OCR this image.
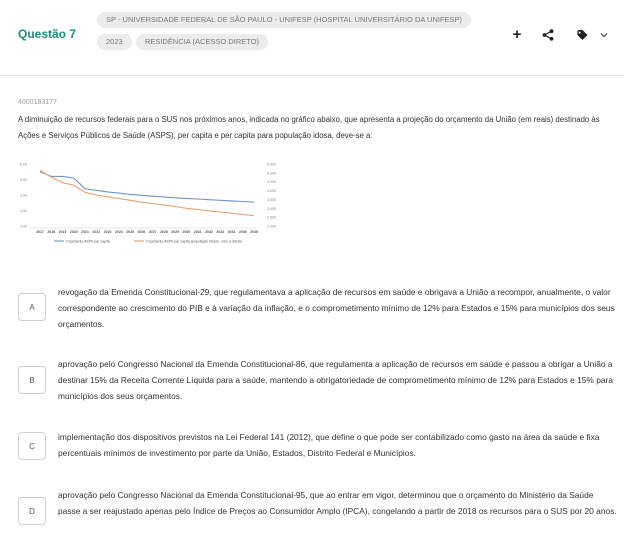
Questão 7
SP - UNIVERSIDADE FEDERAL DE SÃO PAULO - UNIFESP (HOSPITAL UNIVERSITÁRIO DA UNIFESP)
2023	RESIDÊNCIA (ACESSO DIRETO)	+
4000183177
A diminuição de recursos federais para o SUS nos próximos anos, indicada no gráfico abaixo, que apresenta a projeção do orçamento da União (em reais) destinado às Ações e Serviços Públicos de Saúde (ASPS), per capita e per capita para população idosa, deve-se a:
6,00
5,50
5,00
4,50
4,00
5.500
5.000
4.500
4.000
3.500
3.000
2.500
2.000
2017 2018 2019 2020 2021 2022 2023 2024 2025 2026 2027 2028 2029 2030 2031 2032 2033 2034 2035 2036
Orçamento ASPS per capita	Orçamento ASPS per capita (população idosa) - eixo à direita
A
revogação da Emenda Constitucional-29, que regulamentava a aplicação de recursos em saúde e obrigava a União a recompor, anualmente, o valor correspondente ao crescimento do PIB e à variação da inflação, e o comprometimento mínimo de 12% para Estados e 15% para municípios dos seus orçamentos.
B
aprovação pelo Congresso Nacional da Emenda Constitucional-86, que regulamenta a aplicação de recursos em saúde e passou a obrigar a União a destinar 15% da Receita Corrente Líquida para a saúde, mantendo a obrigatoriedade de comprometimento mínimo de 12% para Estados e 15% para municípios dos seus orçamentos.
C
implementação dos dispositivos previstos na Lei Federal 141 (2012), que define o que pode ser contabilizado como gasto na área da saúde e fixa percentuais mínimos de investimento por parte da União, Estados, Distrito Federal e Municípios.
D
aprovação pelo Congresso Nacional da Emenda Constitucional-95, que ao entrar em vigor, determinou que o orçamento do Ministério da Saúde passe a ser reajustado apenas pelo Índice de Preços ao Consumidor Amplo (IPCA), congelando a partir de 2018 os recursos para o SUS por 20 anos.
